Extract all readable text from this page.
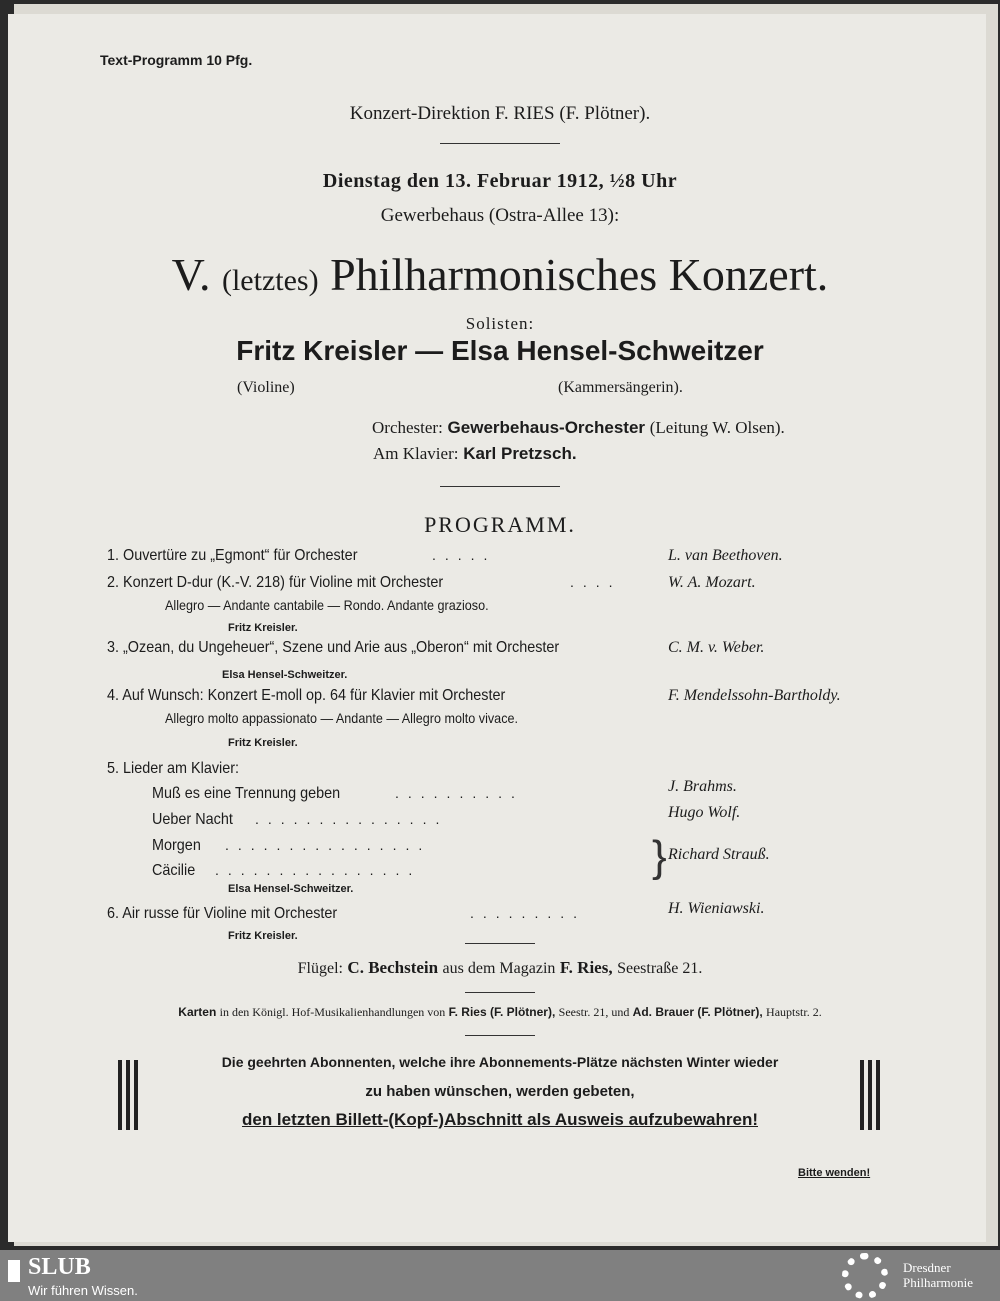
Text-Programm 10 Pfg.
Konzert-Direktion F. RIES (F. Plötner).
Dienstag den 13. Februar 1912, ½8 Uhr
Gewerbehaus (Ostra-Allee 13):
V. (letztes) Philharmonisches Konzert.
Solisten:
Fritz Kreisler — Elsa Hensel-Schweitzer
(Violine)	(Kammersängerin).
Orchester: Gewerbehaus-Orchester (Leitung W. Olsen).
Am Klavier: Karl Pretzsch.
PROGRAMM.
1. Ouvertüre zu „Egmont“ für Orchester	.....	L. van Beethoven.
2. Konzert D-dur (K.-V. 218) für Violine mit Orchester	....	W. A. Mozart.
Allegro — Andante cantabile — Rondo. Andante grazioso.
Fritz Kreisler.
3. „Ozean, du Ungeheuer“, Szene und Arie aus „Oberon“ mit Orchester	C. M. v. Weber.
Elsa Hensel-Schweitzer.
4. Auf Wunsch: Konzert E-moll op. 64 für Klavier mit Orchester	F. Mendelssohn-Bartholdy.
Allegro molto appassionato — Andante — Allegro molto vivace.
Fritz Kreisler.
5. Lieder am Klavier:
Muß es eine Trennung geben	..........	J. Brahms.
Ueber Nacht ...............	Hugo Wolf.
Morgen ................
Cäcilie ................	} Richard Strauß.
Elsa Hensel-Schweitzer.
6. Air russe für Violine mit Orchester	.........	H. Wieniawski.
Fritz Kreisler.
Flügel: C. Bechstein aus dem Magazin F. Ries, Seestraße 21.
Karten in den Königl. Hof-Musikalienhandlungen von F. Ries (F. Plötner), Seestr. 21, und Ad. Brauer (F. Plötner), Hauptstr. 2.
Die geehrten Abonnenten, welche ihre Abonnements-Plätze nächsten Winter wieder
zu haben wünschen, werden gebeten,
den letzten Billett-(Kopf-)Abschnitt als Ausweis aufzubewahren!
Bitte wenden!
SLUB
Wir führen Wissen.
Dresdner
Philharmonie
